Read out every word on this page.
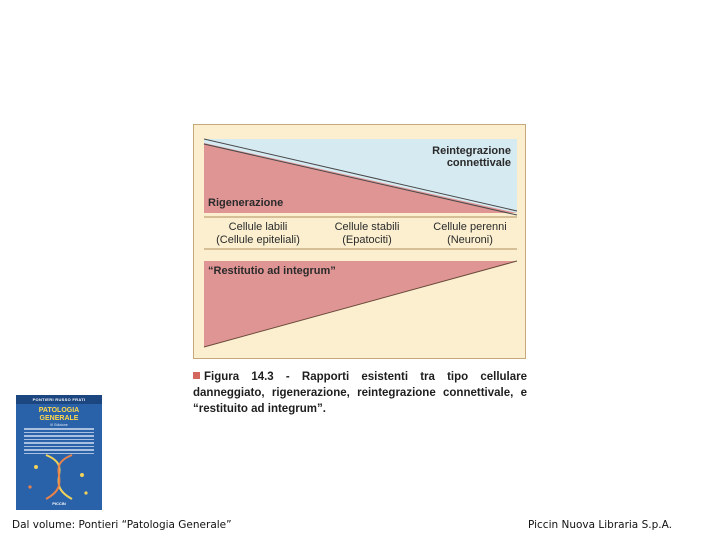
Reintegrazione
connettivale
Rigenerazione
Cellule labili
(Cellule epiteliali)
Cellule stabili
(Epatociti)
Cellule perenni
(Neuroni)
“Restitutio ad integrum”
Figura 14.3 - Rapporti esistenti tra tipo cellulare danneggiato, rigenerazione, reintegrazione connettivale, e “restituito ad integrum”.
PONTIERI RUSSO FRATI
PATOLOGIA
GENERALE
III Edizione
PICCIN
Dal volume: Pontieri “Patologia Generale”	Piccin Nuova Libraria S.p.A.
